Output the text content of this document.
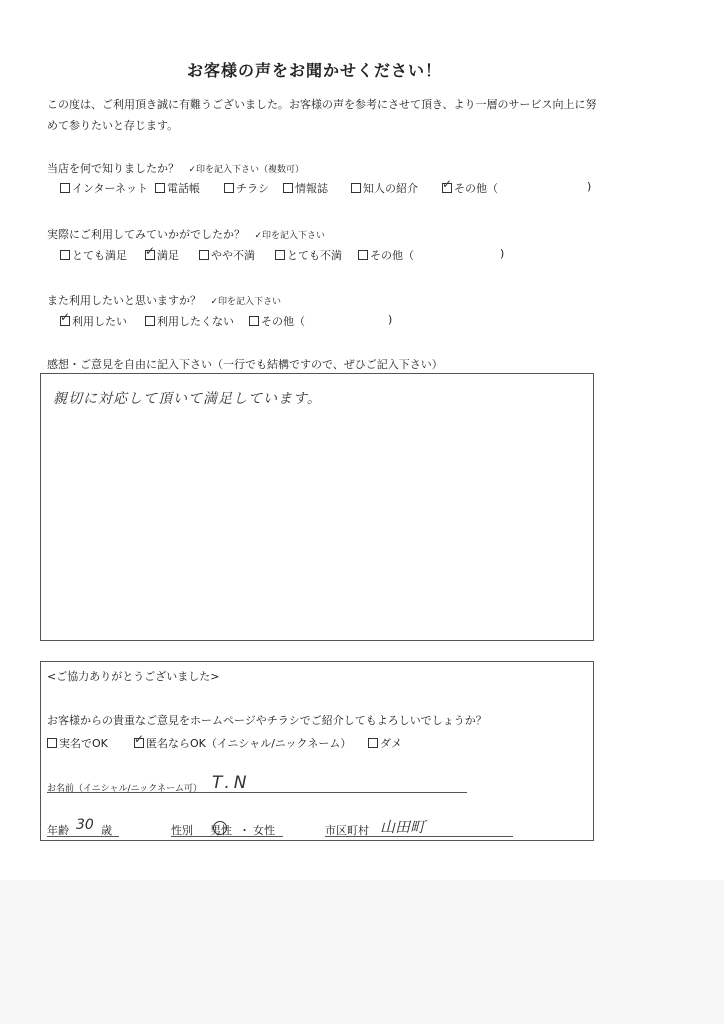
お客様の声をお聞かせください！
この度は、ご利用頂き誠に有難うございました。お客様の声を参考にさせて頂き、より一層のサービス向上に努
めて参りたいと存じます。
当店を何で知りましたか？ ✓印を記入下さい（複数可）
インターネット	電話帳	チラシ	情報誌	知人の紹介 ✓	その他（	)
実際にご利用してみていかがでしたか？ ✓印を記入下さい
とても満足 ✓	満足	やや不満	とても不満	その他（	)
また利用したいと思いますか？ ✓印を記入下さい
✓利用したい	利用したくない	その他（	)
感想・ご意見を自由に記入下さい（一行でも結構ですので、ぜひご記入下さい）
親切に対応して頂いて満足しています。
<ご協力ありがとうございました>
お客様からの貴重なご意見をホームページやチラシでご紹介してもよろしいでしょうか？
実名でOK ✓	匿名ならOK（イニシャル/ニックネーム）	ダメ
お名前（イニシャル/ニックネーム可） T.N
年齢 30 歳	性別 男性 ・ 女性	市区町村 山田町
